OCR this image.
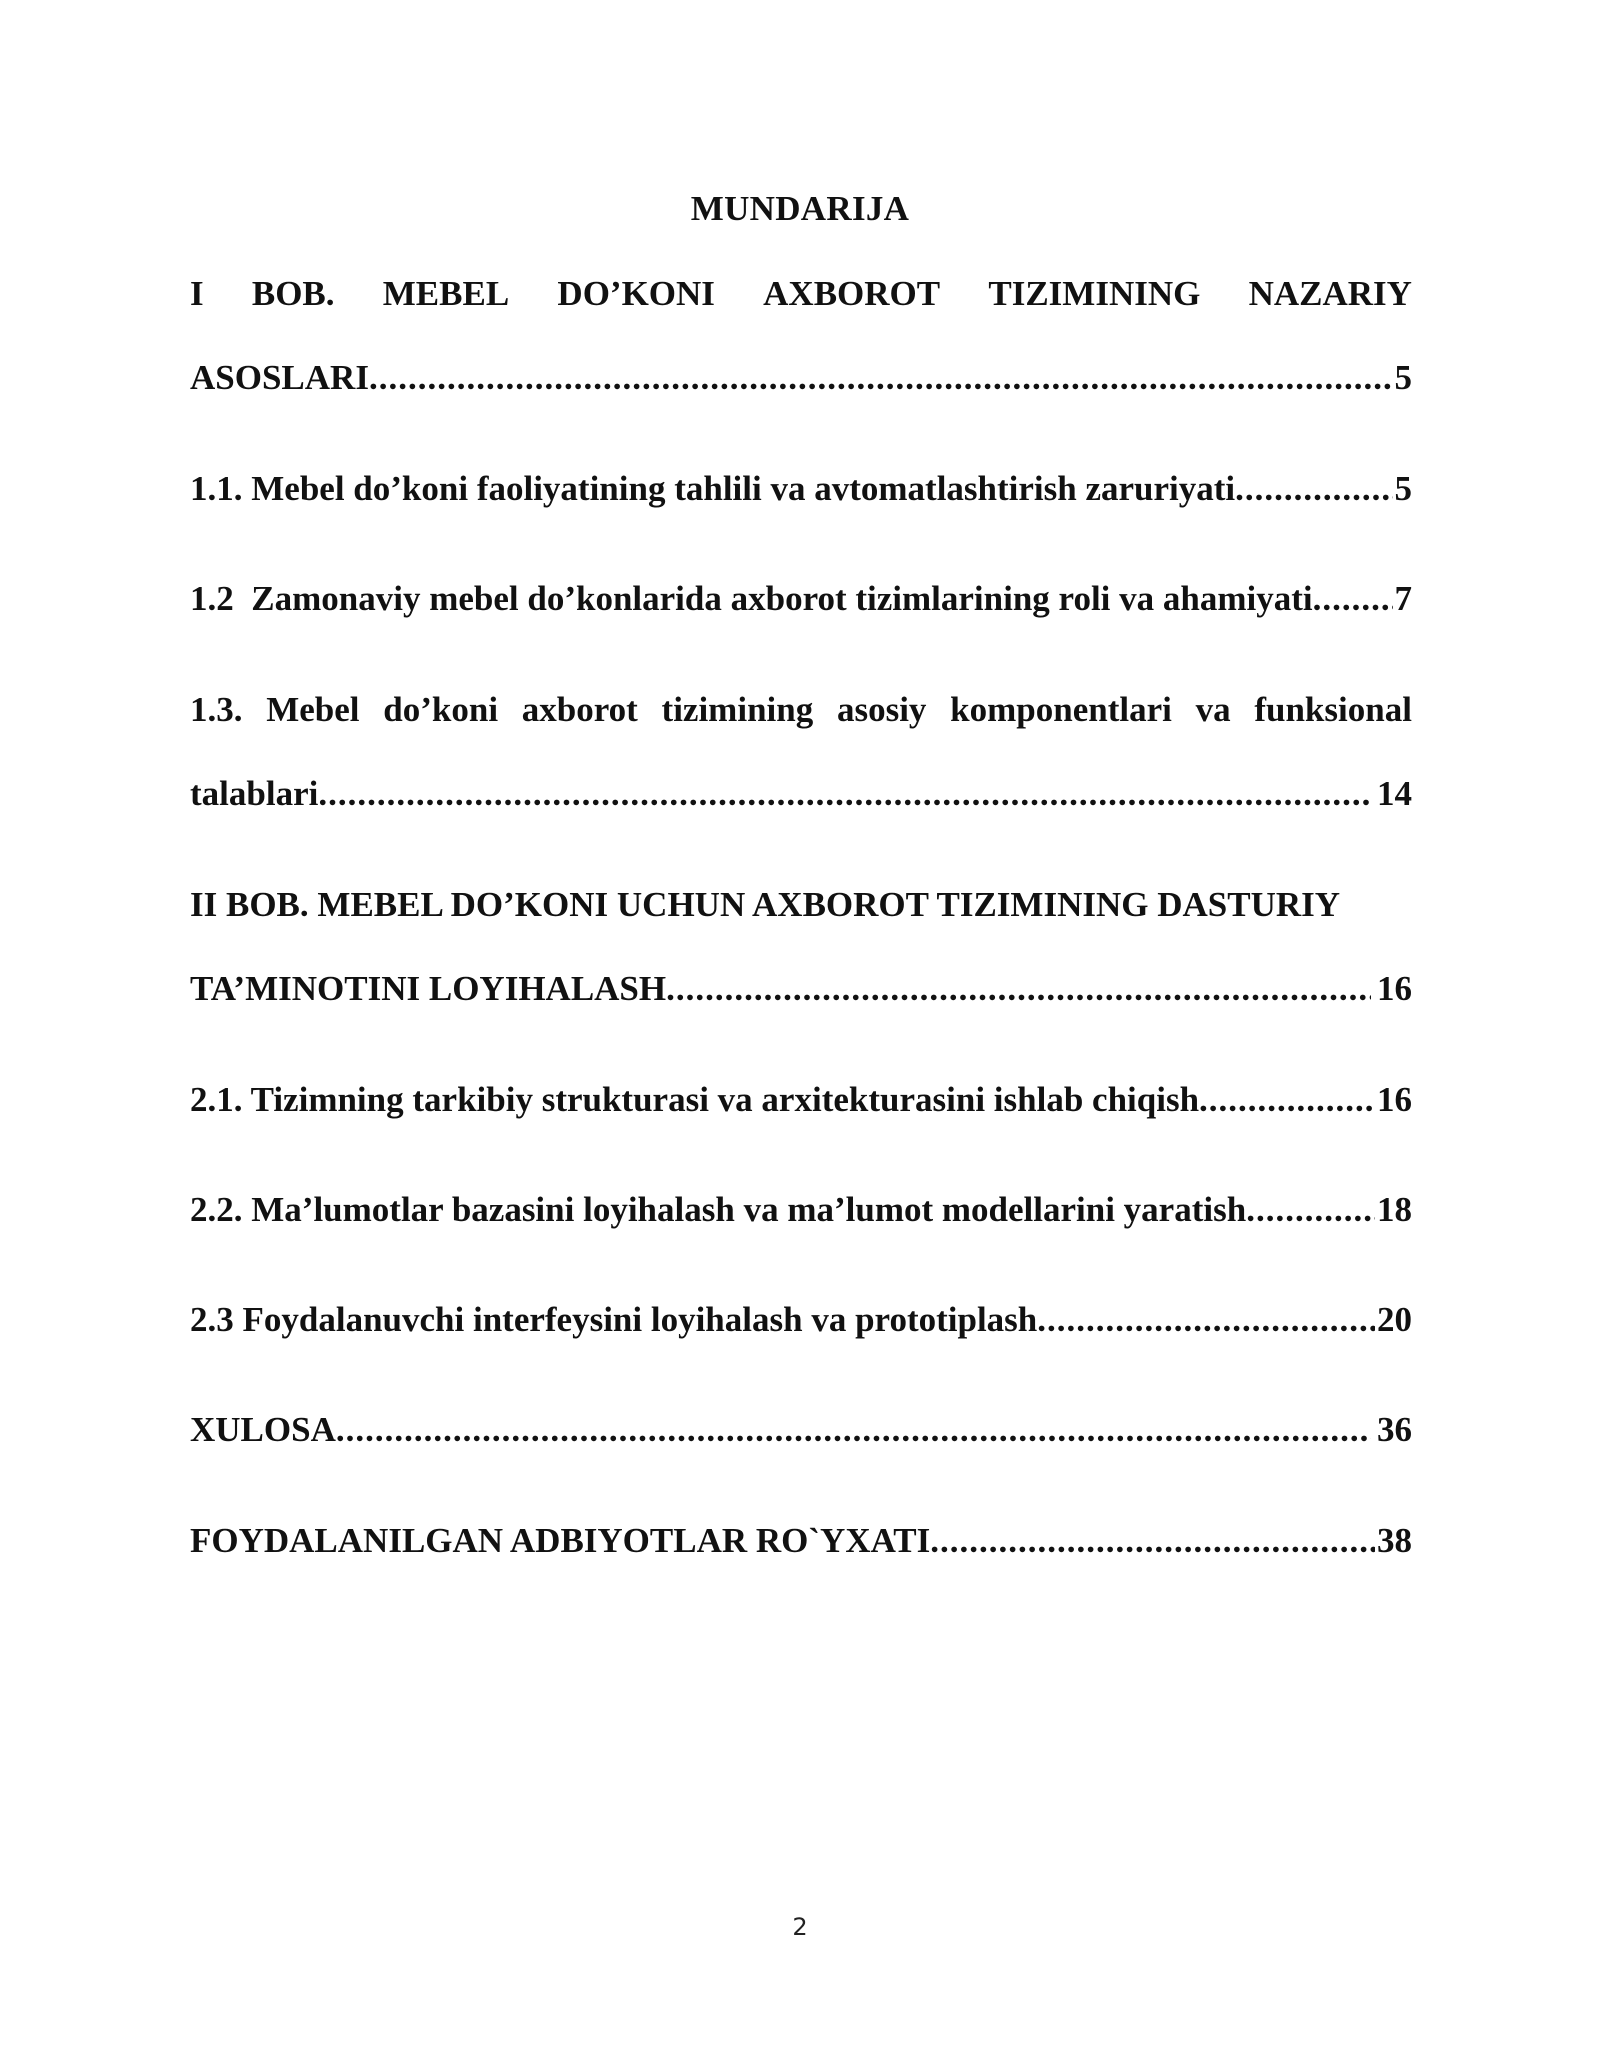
MUNDARIJA
I BOB. MEBEL DO’KONI AXBOROT TIZIMINING NAZARIY
ASOSLARI .....	5
1.1. Mebel do’koni faoliyatining tahlili va avtomatlashtirish zaruriyati .....	5
1.2  Zamonaviy mebel do’konlarida axborot tizimlarining roli va ahamiyati ..... 7
1.3. Mebel do’koni axborot tizimining asosiy komponentlari va funksional
talablari .....	14
II BOB. MEBEL DO’KONI UCHUN AXBOROT TIZIMINING DASTURIY
TA’MINOTINI LOYIHALASH .....	16
2.1. Tizimning tarkibiy strukturasi va arxitekturasini ishlab chiqish .....	16
2.2. Ma’lumotlar bazasini loyihalash va ma’lumot modellarini yaratish .....	18
2.3 Foydalanuvchi interfeysini loyihalash va prototiplash .....	20
XULOSA .....	36
FOYDALANILGAN ADBIYOTLAR RO`YXATI .....	38
2
